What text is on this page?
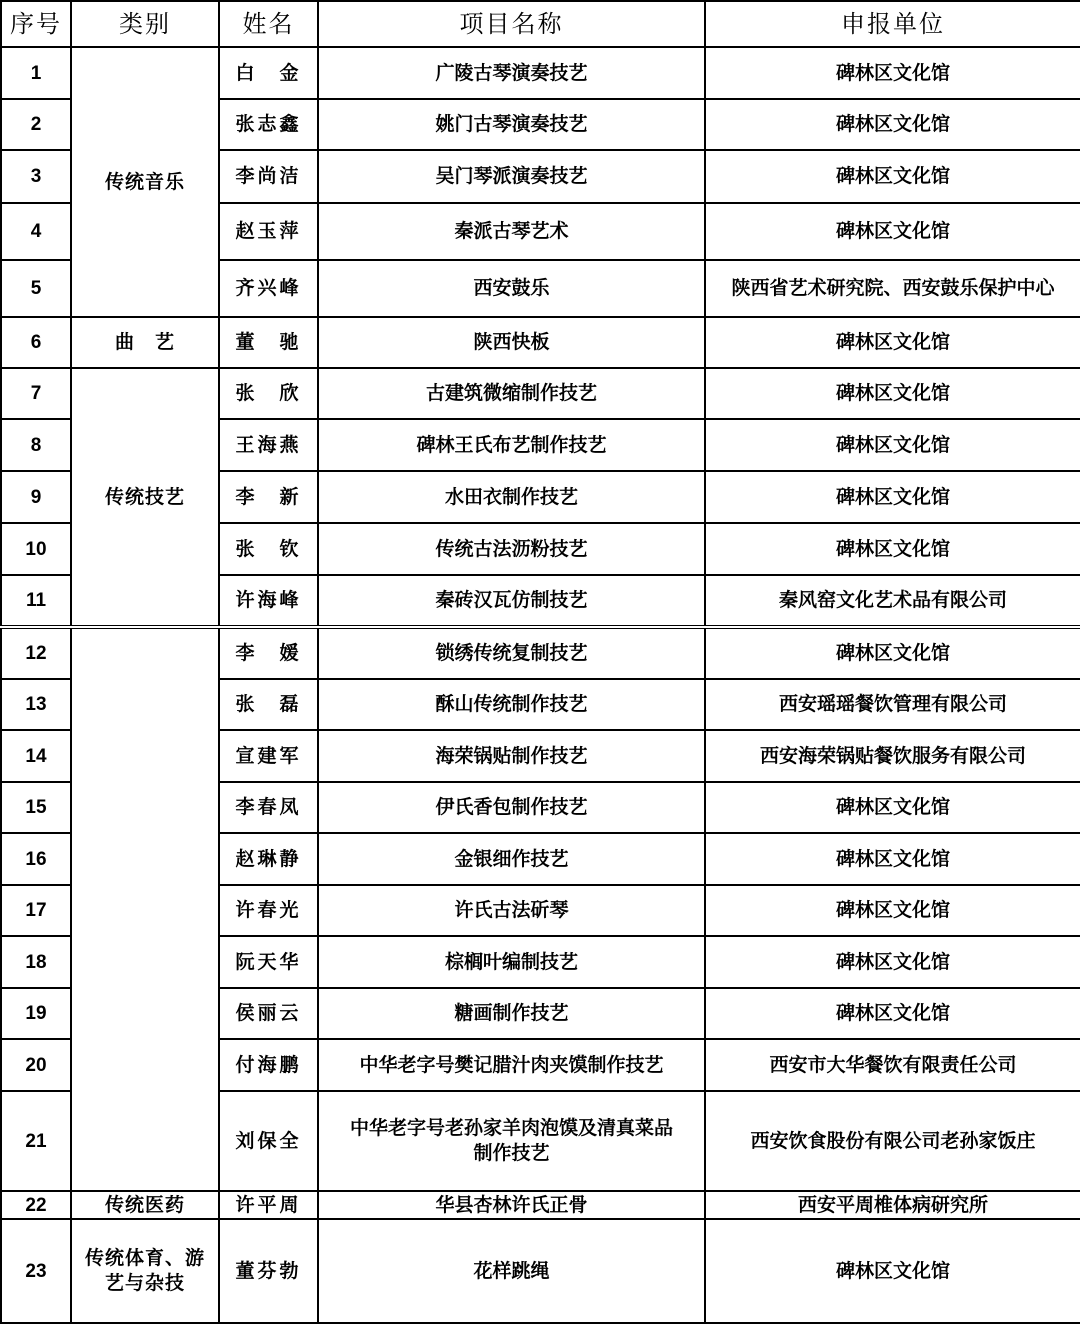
序号	类别	姓名	项目名称	申报单位
1	传统音乐	白　金	广陵古琴演奏技艺	碑林区文化馆
2		张志鑫	姚门古琴演奏技艺	碑林区文化馆
3		李尚洁	吴门琴派演奏技艺	碑林区文化馆
4		赵玉萍	秦派古琴艺术	碑林区文化馆
5		齐兴峰	西安鼓乐	陕西省艺术研究院、西安鼓乐保护中心
6	曲　艺	董　驰	陕西快板	碑林区文化馆
7	传统技艺	张　欣	古建筑微缩制作技艺	碑林区文化馆
8		王海燕	碑林王氏布艺制作技艺	碑林区文化馆
9		李　新	水田衣制作技艺	碑林区文化馆
10		张　钦	传统古法沥粉技艺	碑林区文化馆
11		许海峰	秦砖汉瓦仿制技艺	秦风窑文化艺术品有限公司
12		李　媛	锁绣传统复制技艺	碑林区文化馆
13		张　磊	酥山传统制作技艺	西安瑶瑶餐饮管理有限公司
14		宣建军	海荣锅贴制作技艺	西安海荣锅贴餐饮服务有限公司
15		李春凤	伊氏香包制作技艺	碑林区文化馆
16		赵琳静	金银细作技艺	碑林区文化馆
17		许春光	许氏古法斫琴	碑林区文化馆
18		阮天华	棕榈叶编制技艺	碑林区文化馆
19		侯丽云	糖画制作技艺	碑林区文化馆
20		付海鹏	中华老字号樊记腊汁肉夹馍制作技艺	西安市大华餐饮有限责任公司
21		刘保全	中华老字号老孙家羊肉泡馍及清真菜品制作技艺	西安饮食股份有限公司老孙家饭庄
22	传统医药	许平周	华县杏林许氏正骨	西安平周椎体病研究所
23	传统体育、游艺与杂技	董芬勃	花样跳绳	碑林区文化馆
